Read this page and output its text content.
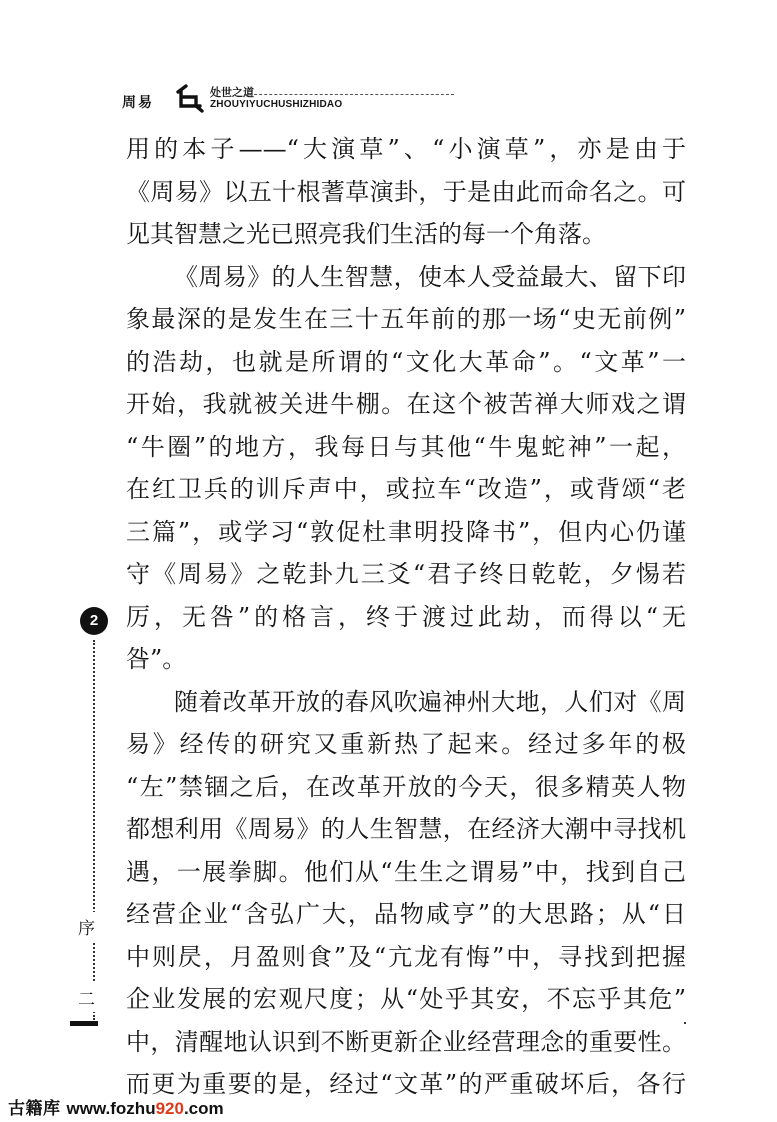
周易
处世之道
ZHOUYIYUCHUSHIZHIDAO
用的本子——“大演草”、“小演草”，亦是由于
《周易》以五十根蓍草演卦，于是由此而命名之。可
见其智慧之光已照亮我们生活的每一个角落。
《周易》的人生智慧，使本人受益最大、留下印
象最深的是发生在三十五年前的那一场“史无前例”
的浩劫，也就是所谓的“文化大革命”。“文革”一
开始，我就被关进牛棚。在这个被苦禅大师戏之谓
“牛圈”的地方，我每日与其他“牛鬼蛇神”一起，
在红卫兵的训斥声中，或拉车“改造”，或背颂“老
三篇”，或学习“敦促杜聿明投降书”，但内心仍谨
守《周易》之乾卦九三爻“君子终日乾乾，夕惕若
厉，无咎”的格言，终于渡过此劫，而得以“无
咎”。
随着改革开放的春风吹遍神州大地，人们对《周
易》经传的研究又重新热了起来。经过多年的极
“左”禁锢之后，在改革开放的今天，很多精英人物
都想利用《周易》的人生智慧，在经济大潮中寻找机
遇，一展拳脚。他们从“生生之谓易”中，找到自己
经营企业“含弘广大，品物咸亨”的大思路；从“日
中则昃，月盈则食”及“亢龙有悔”中，寻找到把握
企业发展的宏观尺度；从“处乎其安，不忘乎其危”
中，清醒地认识到不断更新企业经营理念的重要性。
而更为重要的是，经过“文革”的严重破坏后，各行
2
序
二
古籍库 www.fozhu920.com
